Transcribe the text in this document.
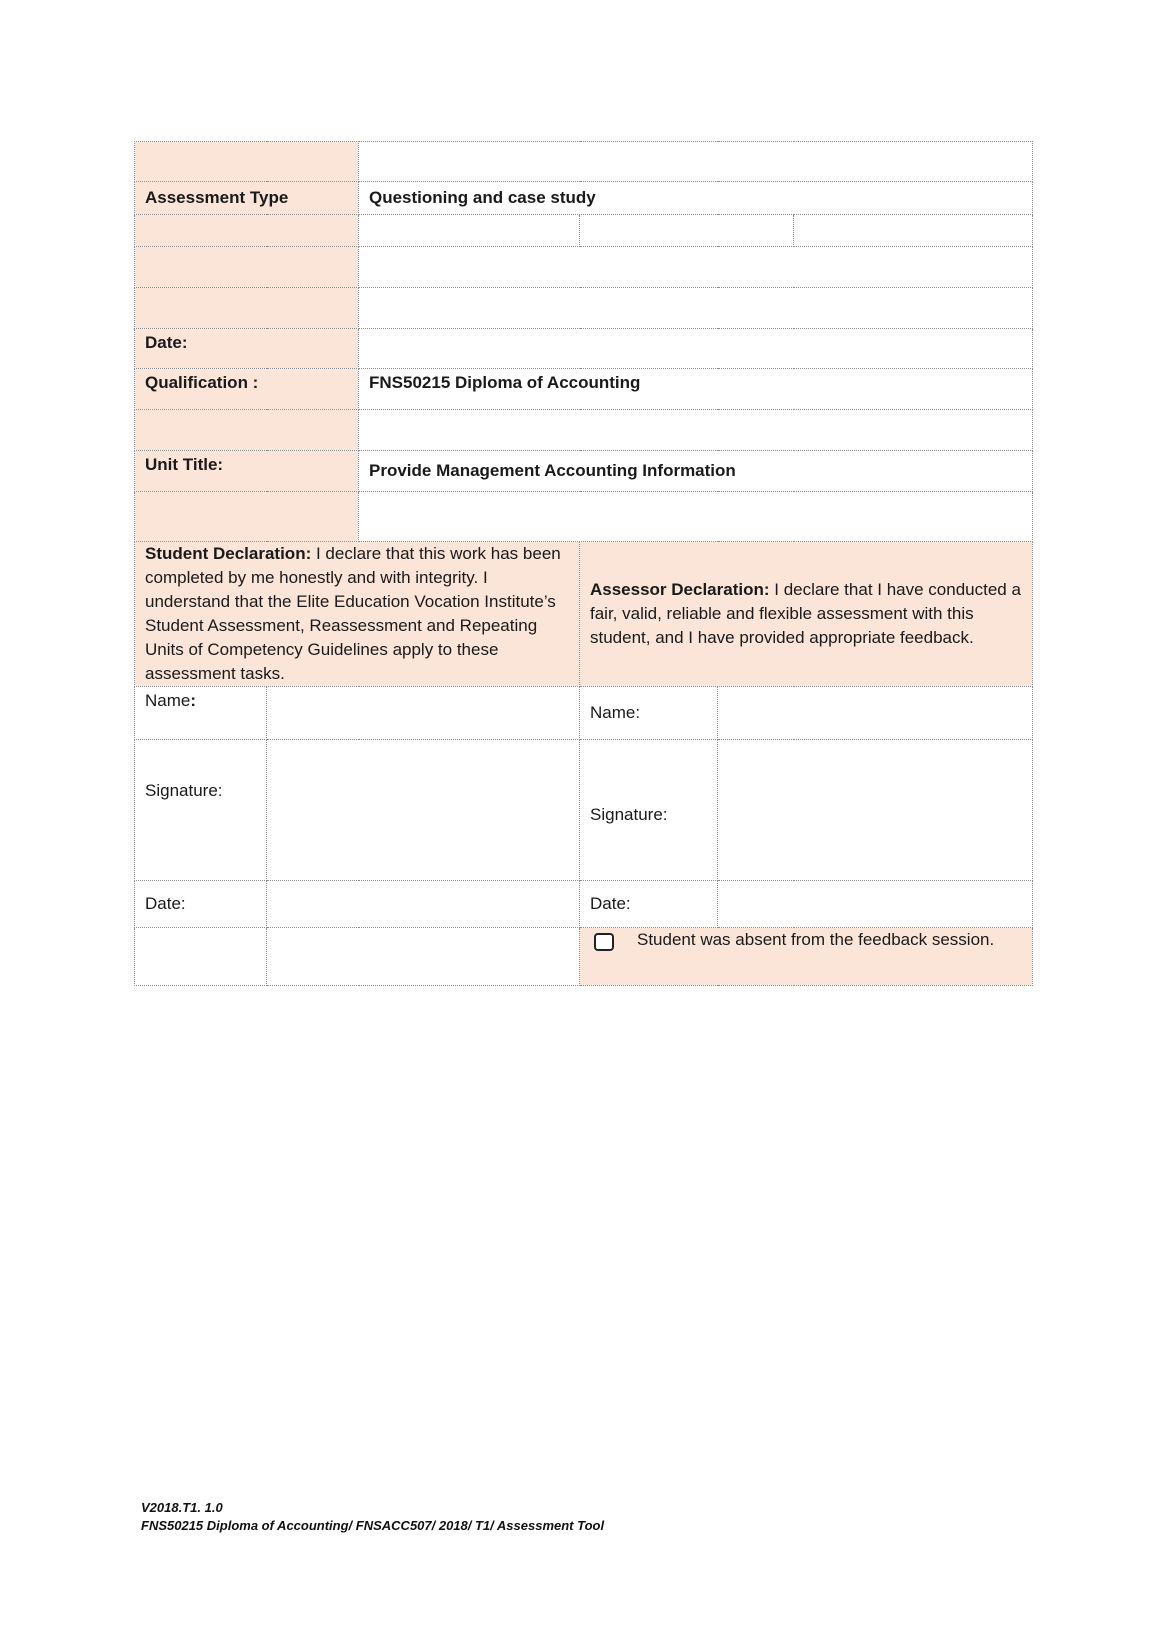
Assessment Type		Questioning and case study			

Date:					
Qualification :		FNS50215 Diploma of Accounting			

Unit Title:		Provide Management Accounting Information			

Student Declaration: I declare that this work has been completed by me honestly and with integrity. I understand that the Elite Education Vocation Institute’s Student Assessment, Reassessment and Repeating Units of Competency Guidelines apply to these assessment tasks.			Assessor Declaration: I declare that I have conducted a fair, valid, reliable and flexible assessment with this student, and I have provided appropriate feedback.		
Name:			Name:		
Signature:			Signature:		
Date:			Date:		

			Student was absent from the feedback session.		
V2018.T1. 1.0
FNS50215 Diploma of Accounting/ FNSACC507/ 2018/ T1/ Assessment Tool
